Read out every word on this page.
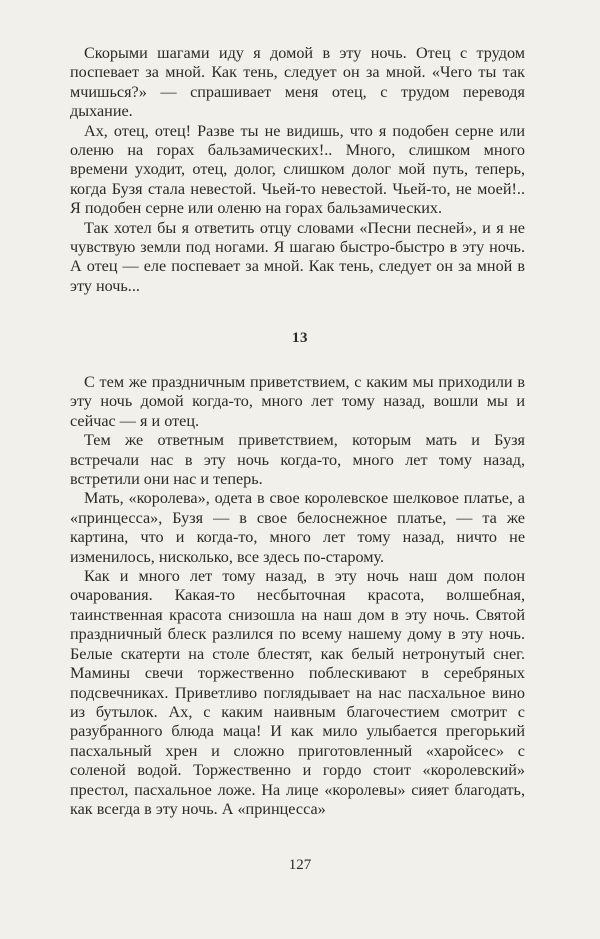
Скорыми шагами иду я домой в эту ночь. Отец с трудом поспевает за мной. Как тень, следует он за мной. «Чего ты так мчишься?» — спрашивает меня отец, с трудом переводя дыхание.

Ах, отец, отец! Разве ты не видишь, что я подобен серне или оленю на горах бальзамических!.. Много, слишком много времени уходит, отец, долог, слишком долог мой путь, теперь, когда Бузя стала невестой. Чьей-то невестой. Чьей-то, не моей!.. Я подобен серне или оленю на горах бальзамических.

Так хотел бы я ответить отцу словами «Песни песней», и я не чувствую земли под ногами. Я шагаю быстро-быстро в эту ночь. А отец — еле поспевает за мной. Как тень, следует он за мной в эту ночь...

13

С тем же праздничным приветствием, с каким мы приходили в эту ночь домой когда-то, много лет тому назад, вошли мы и сейчас — я и отец.

Тем же ответным приветствием, которым мать и Бузя встречали нас в эту ночь когда-то, много лет тому назад, встретили они нас и теперь.

Мать, «королева», одета в свое королевское шелковое платье, а «принцесса», Бузя — в свое белоснежное платье, — та же картина, что и когда-то, много лет тому назад, ничто не изменилось, нисколько, все здесь по-старому.

Как и много лет тому назад, в эту ночь наш дом полон очарования. Какая-то несбыточная красота, волшебная, таинственная красота снизошла на наш дом в эту ночь. Святой праздничный блеск разлился по всему нашему дому в эту ночь. Белые скатерти на столе блестят, как белый нетронутый снег. Мамины свечи торжественно поблескивают в серебряных подсвечниках. Приветливо поглядывает на нас пасхальное вино из бутылок. Ах, с каким наивным благочестием смотрит с разубранного блюда маца! И как мило улыбается прегорький пасхальный хрен и сложно приготовленный «харойсес» с соленой водой. Торжественно и гордо стоит «королевский» престол, пасхальное ложе. На лице «королевы» сияет благодать, как всегда в эту ночь. А «принцесса»

127
